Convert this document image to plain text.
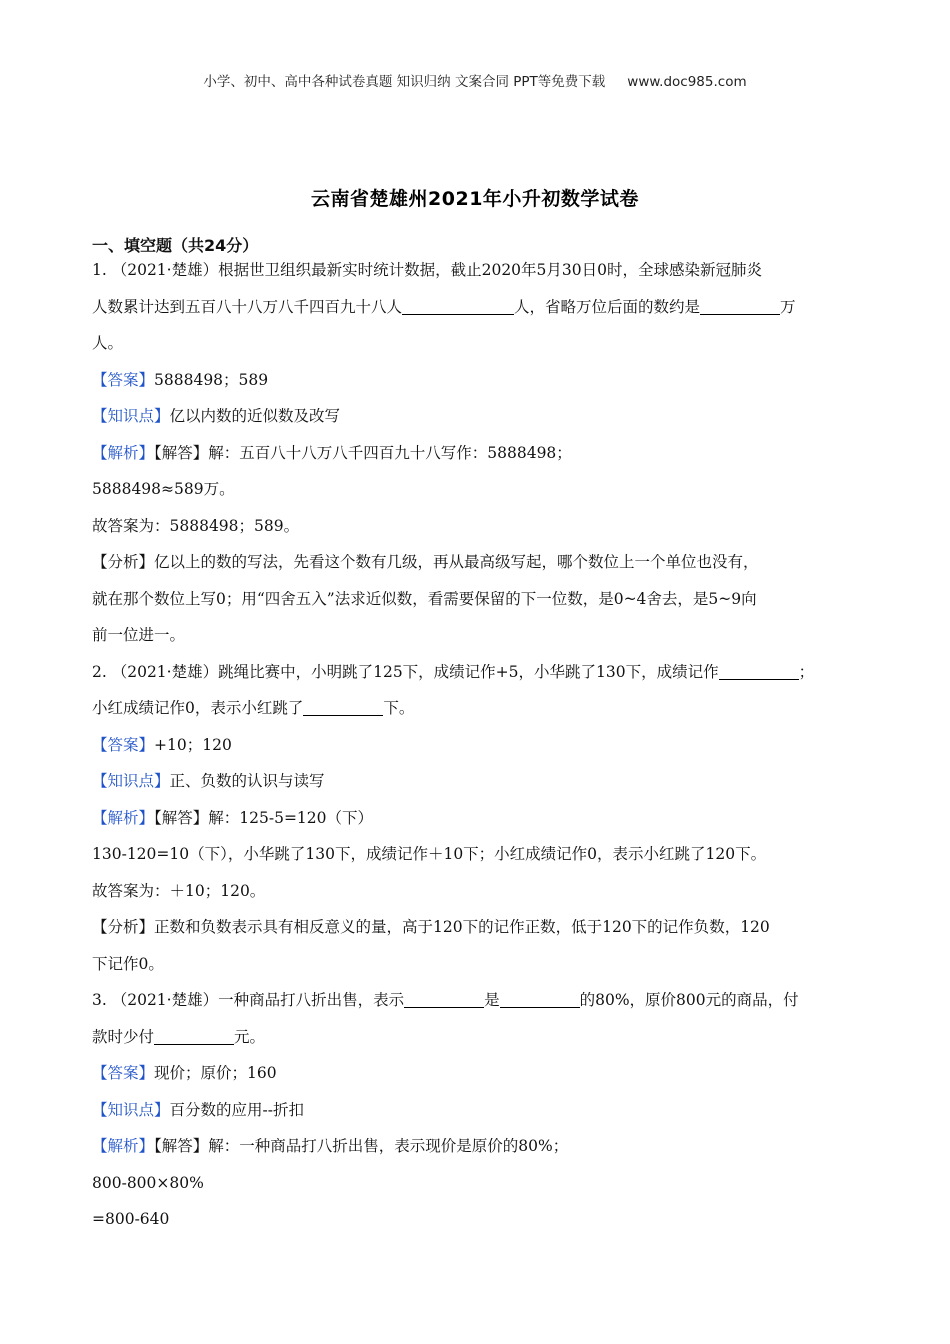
小学、初中、高中各种试卷真题 知识归纳 文案合同 PPT等免费下载 www.doc985.com
云南省楚雄州2021年小升初数学试卷
一、填空题（共24分）

1. （2021·楚雄）根据世卫组织最新实时统计数据，截止2020年5月30日0时，全球感染新冠肺炎

人数累计达到五百八十八万八千四百九十八人	人，省略万位后面的数约是	万

人。

【答案】5888498；589

【知识点】亿以内数的近似数及改写

【解析】【解答】解：五百八十八万八千四百九十八写作：5888498；

5888498≈589万。

故答案为：5888498；589。

【分析】亿以上的数的写法，先看这个数有几级，再从最高级写起，哪个数位上一个单位也没有，

就在那个数位上写0；用“四舍五入”法求近似数，看需要保留的下一位数，是0~4舍去，是5~9向

前一位进一。

2. （2021·楚雄）跳绳比赛中，小明跳了125下，成绩记作+5，小华跳了130下，成绩记作	；

小红成绩记作0，表示小红跳了	下。

【答案】+10；120

【知识点】正、负数的认识与读写

【解析】【解答】解：125-5=120（下）

130-120=10（下），小华跳了130下，成绩记作＋10下；小红成绩记作0，表示小红跳了120下。

故答案为：＋10；120。

【分析】正数和负数表示具有相反意义的量，高于120下的记作正数，低于120下的记作负数，120

下记作0。

3. （2021·楚雄）一种商品打八折出售，表示	是	的80%，原价800元的商品，付

款时少付	元。

【答案】现价；原价；160

【知识点】百分数的应用--折扣

【解析】【解答】解：一种商品打八折出售，表示现价是原价的80%；

800-800×80%

=800-640
